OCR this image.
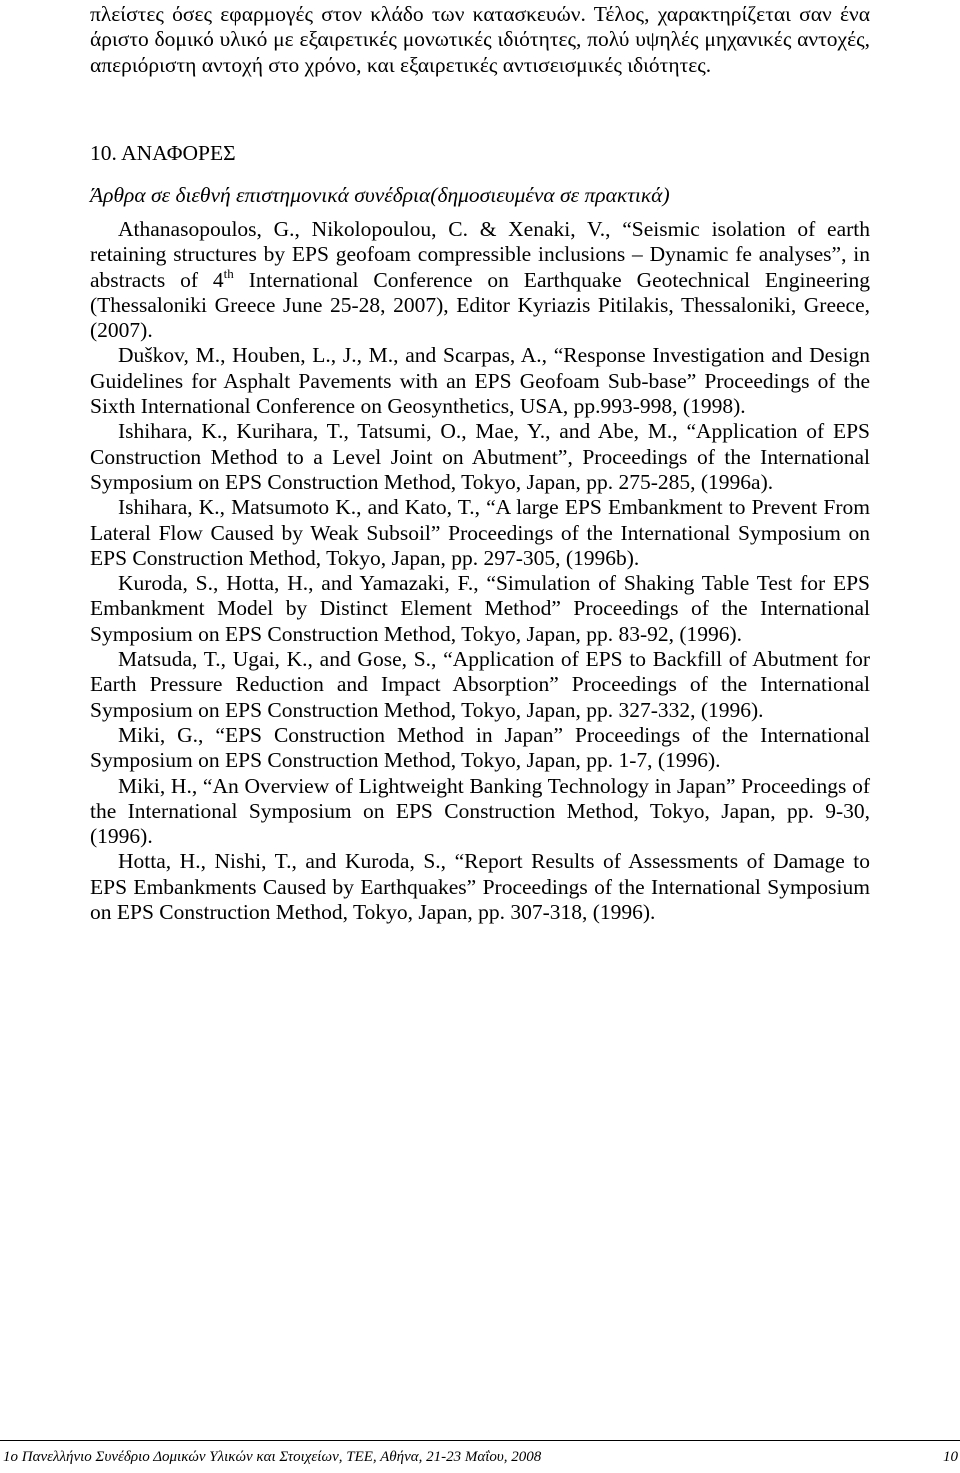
πλείστες όσες εφαρμογές στον κλάδο των κατασκευών. Τέλος, χαρακτηρίζεται σαν ένα άριστο δομικό υλικό με εξαιρετικές μονωτικές ιδιότητες, πολύ υψηλές μηχανικές αντοχές, απεριόριστη αντοχή στο χρόνο, και εξαιρετικές αντισεισμικές ιδιότητες.

10. ΑΝΑΦΟΡΕΣ

Άρθρα σε διεθνή επιστημονικά συνέδρια(δημοσιευμένα σε πρακτικά)

Athanasopoulos, G., Nikolopoulou, C. & Xenaki, V., “Seismic isolation of earth retaining structures by EPS geofoam compressible inclusions – Dynamic fe analyses”, in abstracts of 4th International Conference on Earthquake Geotechnical Engineering (Thessaloniki Greece June 25-28, 2007), Editor Kyriazis Pitilakis, Thessaloniki, Greece, (2007).

Duškov, M., Houben, L., J., M., and Scarpas, A., “Response Investigation and Design Guidelines for Asphalt Pavements with an EPS Geofoam Sub-base” Proceedings of the Sixth International Conference on Geosynthetics, USA, pp.993-998, (1998).

Ishihara, K., Kurihara, T., Tatsumi, O., Mae, Y., and Abe, M., “Application of EPS Construction Method to a Level Joint on Abutment”, Proceedings of the International Symposium on EPS Construction Method, Tokyo, Japan, pp. 275-285, (1996a).

Ishihara, K., Matsumoto K., and Kato, T., “A large EPS Embankment to Prevent From Lateral Flow Caused by Weak Subsoil” Proceedings of the International Symposium on EPS Construction Method, Tokyo, Japan, pp. 297-305, (1996b).

Kuroda, S., Hotta, H., and Yamazaki, F., “Simulation of Shaking Table Test for EPS Embankment Model by Distinct Element Method” Proceedings of the International Symposium on EPS Construction Method, Tokyo, Japan, pp. 83-92, (1996).

Matsuda, T., Ugai, K., and Gose, S., “Application of EPS to Backfill of Abutment for Earth Pressure Reduction and Impact Absorption” Proceedings of the International Symposium on EPS Construction Method, Tokyo, Japan, pp. 327-332, (1996).

Miki, G., “EPS Construction Method in Japan” Proceedings of the International Symposium on EPS Construction Method, Tokyo, Japan, pp. 1-7, (1996).

Miki, H., “An Overview of Lightweight Banking Technology in Japan” Proceedings of the International Symposium on EPS Construction Method, Tokyo, Japan, pp. 9-30, (1996).

Hotta, H., Nishi, T., and Kuroda, S., “Report Results of Assessments of Damage to EPS Embankments Caused by Earthquakes” Proceedings of the International Symposium on EPS Construction Method, Tokyo, Japan, pp. 307-318, (1996).

1ο Πανελλήνιο Συνέδριο Δομικών Υλικών και Στοιχείων, ΤΕΕ, Αθήνα, 21-23 Μαΐου, 2008	10
